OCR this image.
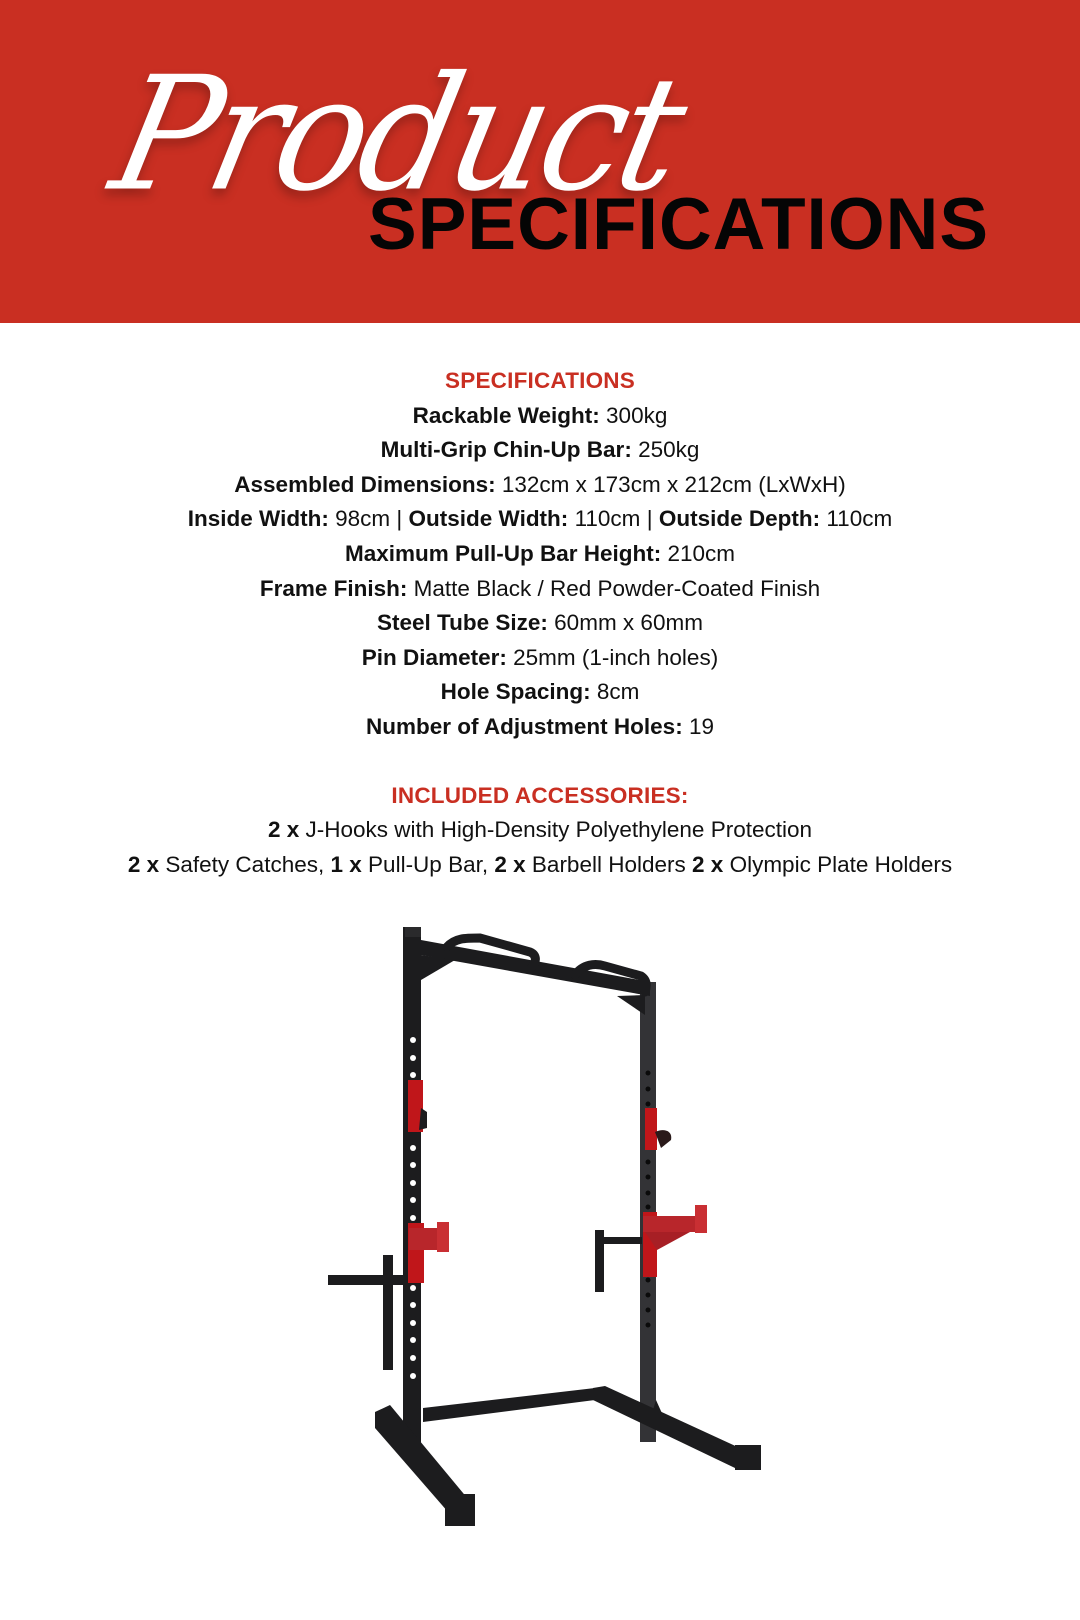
Product
SPECIFICATIONS
SPECIFICATIONS
Rackable Weight: 300kg
Multi-Grip Chin-Up Bar: 250kg
Assembled Dimensions: 132cm x 173cm x 212cm (LxWxH)
Inside Width: 98cm | Outside Width: 110cm | Outside Depth: 110cm
Maximum Pull-Up Bar Height: 210cm
Frame Finish: Matte Black / Red Powder-Coated Finish
Steel Tube Size: 60mm x 60mm
Pin Diameter: 25mm (1-inch holes)
Hole Spacing: 8cm
Number of Adjustment Holes: 19
INCLUDED ACCESSORIES:
2 x J-Hooks with High-Density Polyethylene Protection
2 x Safety Catches, 1 x Pull-Up Bar, 2 x Barbell Holders 2 x Olympic Plate Holders
